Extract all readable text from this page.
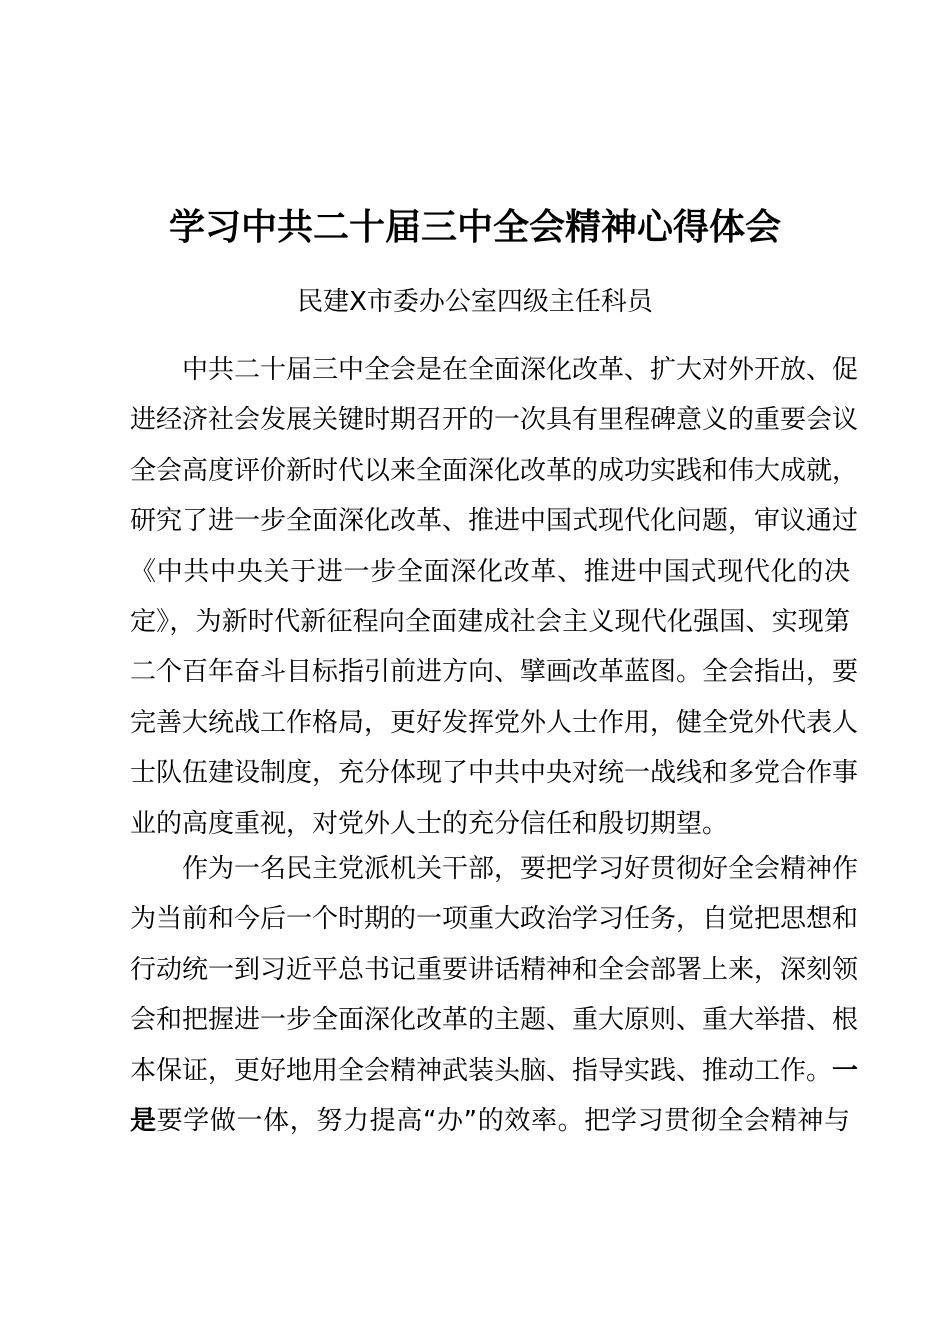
学习中共二十届三中全会精神心得体会
民建X市委办公室四级主任科员
中共二十届三中全会是在全面深化改革、扩大对外开放、促
进经济社会发展关键时期召开的一次具有里程碑意义的重要会议
全会高度评价新时代以来全面深化改革的成功实践和伟大成就，
研究了进一步全面深化改革、推进中国式现代化问题，审议通过
《中共中央关于进一步全面深化改革、推进中国式现代化的决
定》，为新时代新征程向全面建成社会主义现代化强国、实现第
二个百年奋斗目标指引前进方向、擘画改革蓝图。全会指出，要
完善大统战工作格局，更好发挥党外人士作用，健全党外代表人
士队伍建设制度，充分体现了中共中央对统一战线和多党合作事
业的高度重视，对党外人士的充分信任和殷切期望。
作为一名民主党派机关干部，要把学习好贯彻好全会精神作
为当前和今后一个时期的一项重大政治学习任务，自觉把思想和
行动统一到习近平总书记重要讲话精神和全会部署上来，深刻领
会和把握进一步全面深化改革的主题、重大原则、重大举措、根
本保证，更好地用全会精神武装头脑、指导实践、推动工作。一
是要学做一体，努力提高“办”的效率。把学习贯彻全会精神与
